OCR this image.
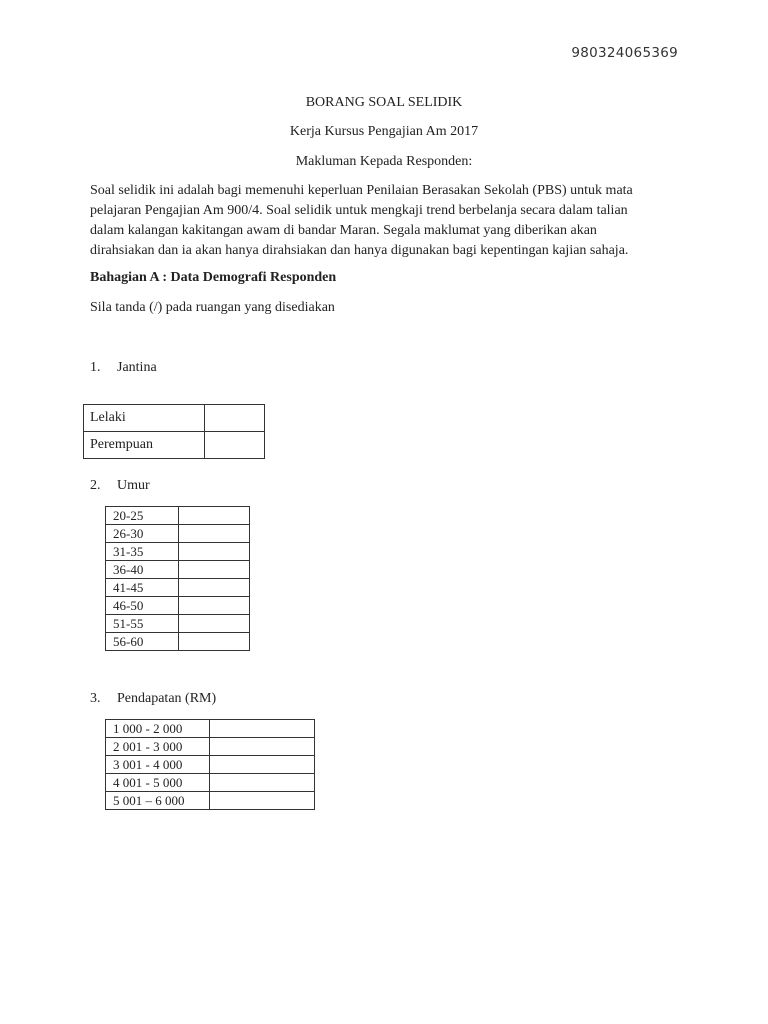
980324065369
BORANG SOAL SELIDIK
Kerja Kursus Pengajian Am 2017
Makluman Kepada Responden:
Soal selidik ini adalah bagi memenuhi keperluan Penilaian Berasakan Sekolah (PBS) untuk mata
pelajaran Pengajian Am 900/4. Soal selidik untuk mengkaji trend berbelanja secara dalam talian
dalam kalangan kakitangan awam di bandar Maran. Segala maklumat yang diberikan akan
dirahsiakan dan ia akan hanya dirahsiakan dan hanya digunakan bagi kepentingan kajian sahaja.
Bahagian A : Data Demografi Responden
Sila tanda (/) pada ruangan yang disediakan
1. Jantina
Lelaki	
Perempuan	
2. Umur
20-25	
26-30	
31-35	
36-40	
41-45	
46-50	
51-55	
56-60	
3. Pendapatan (RM)
1 000 - 2 000	
2 001 - 3 000	
3 001 - 4 000	
4 001 - 5 000	
5 001 – 6 000	
